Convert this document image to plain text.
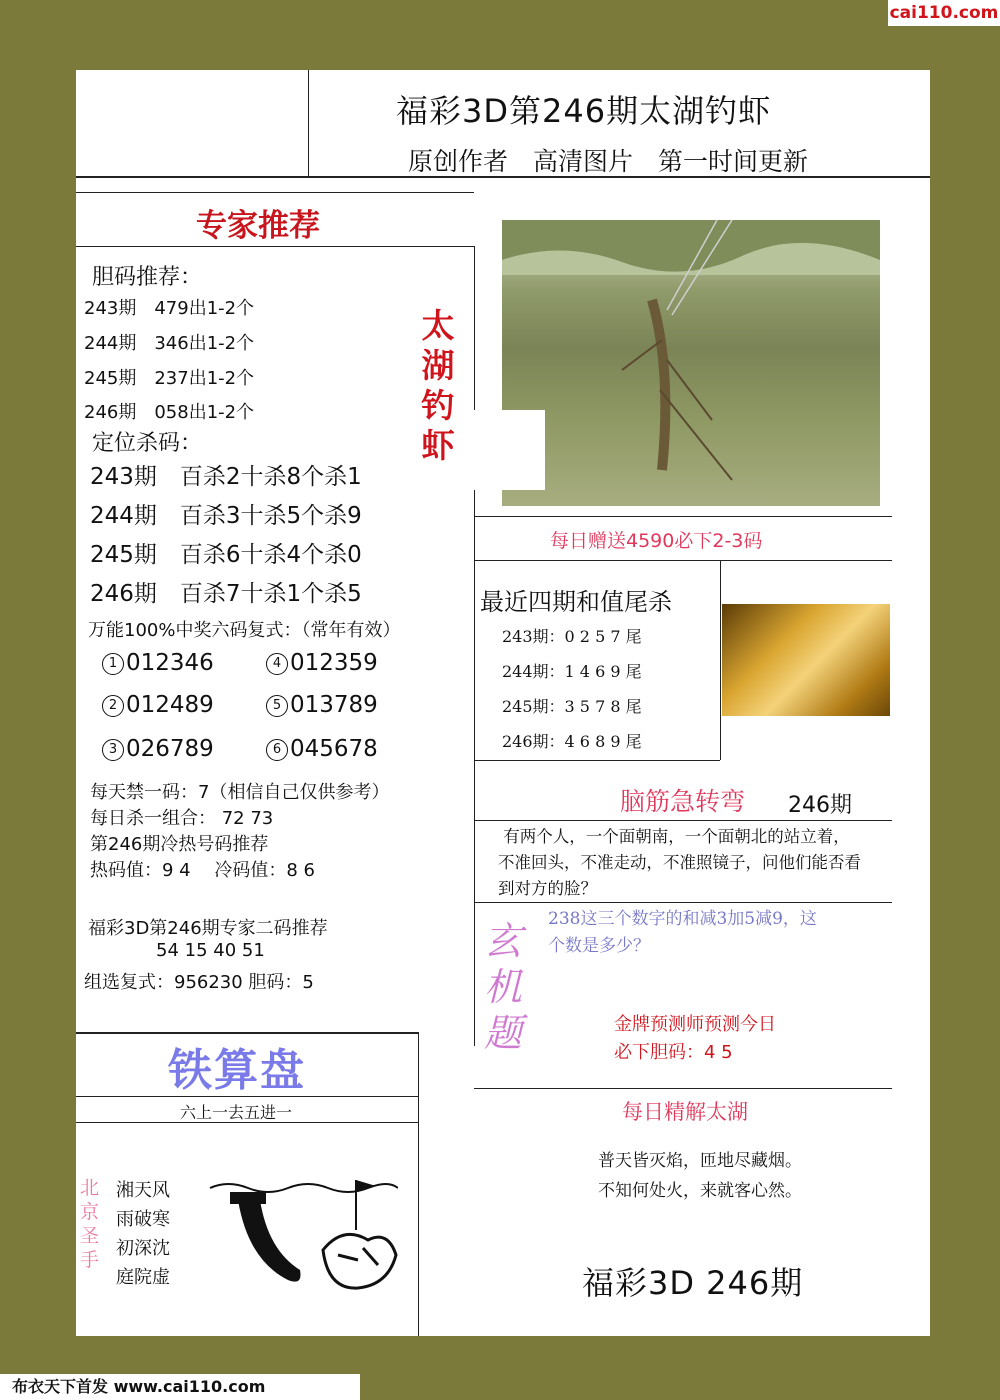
cai110.com
福彩3D第246期太湖钓虾
原创作者　高清图片　第一时间更新
专家推荐
胆码推荐：
243期　479出1-2个
244期　346出1-2个
245期　237出1-2个
246期　058出1-2个
太
湖
钓
虾
定位杀码：
243期　百杀2十杀8个杀1
244期　百杀3十杀5个杀9
245期　百杀6十杀4个杀0
246期　百杀7十杀1个杀5
万能100%中奖六码复式：（常年有效）
1 012346	4 012359
2 012489	5 013789
3 026789	6 045678
每天禁一码：7（相信自己仅供参考）
每日杀一组合： 72 73
第246期冷热号码推荐
热码值：9 4　 冷码值：8 6
福彩3D第246期专家二码推荐
54 15 40 51
组选复式：956230 胆码：5
铁算盘
六上一去五进一
北
京
圣
手
湘天风
雨破寒
初深沈
庭院虚
每日赠送4590必下2-3码
最近四期和值尾杀
243期：0 2 5 7 尾
244期：1 4 6 9 尾
245期：3 5 7 8 尾
246期：4 6 8 9 尾
脑筋急转弯 246期
有两个人，一个面朝南，一个面朝北的站立着，
不准回头，不准走动，不准照镜子，问他们能否看
到对方的脸？
玄
机
题
238这三个数字的和减3加5减9，这
个数是多少？
金牌预测师预测今日
必下胆码：4 5
每日精解太湖
普天皆灭焰，匝地尽藏烟。
不知何处火，来就客心然。
福彩3D 246期
布衣天下首发 www.cai110.com
